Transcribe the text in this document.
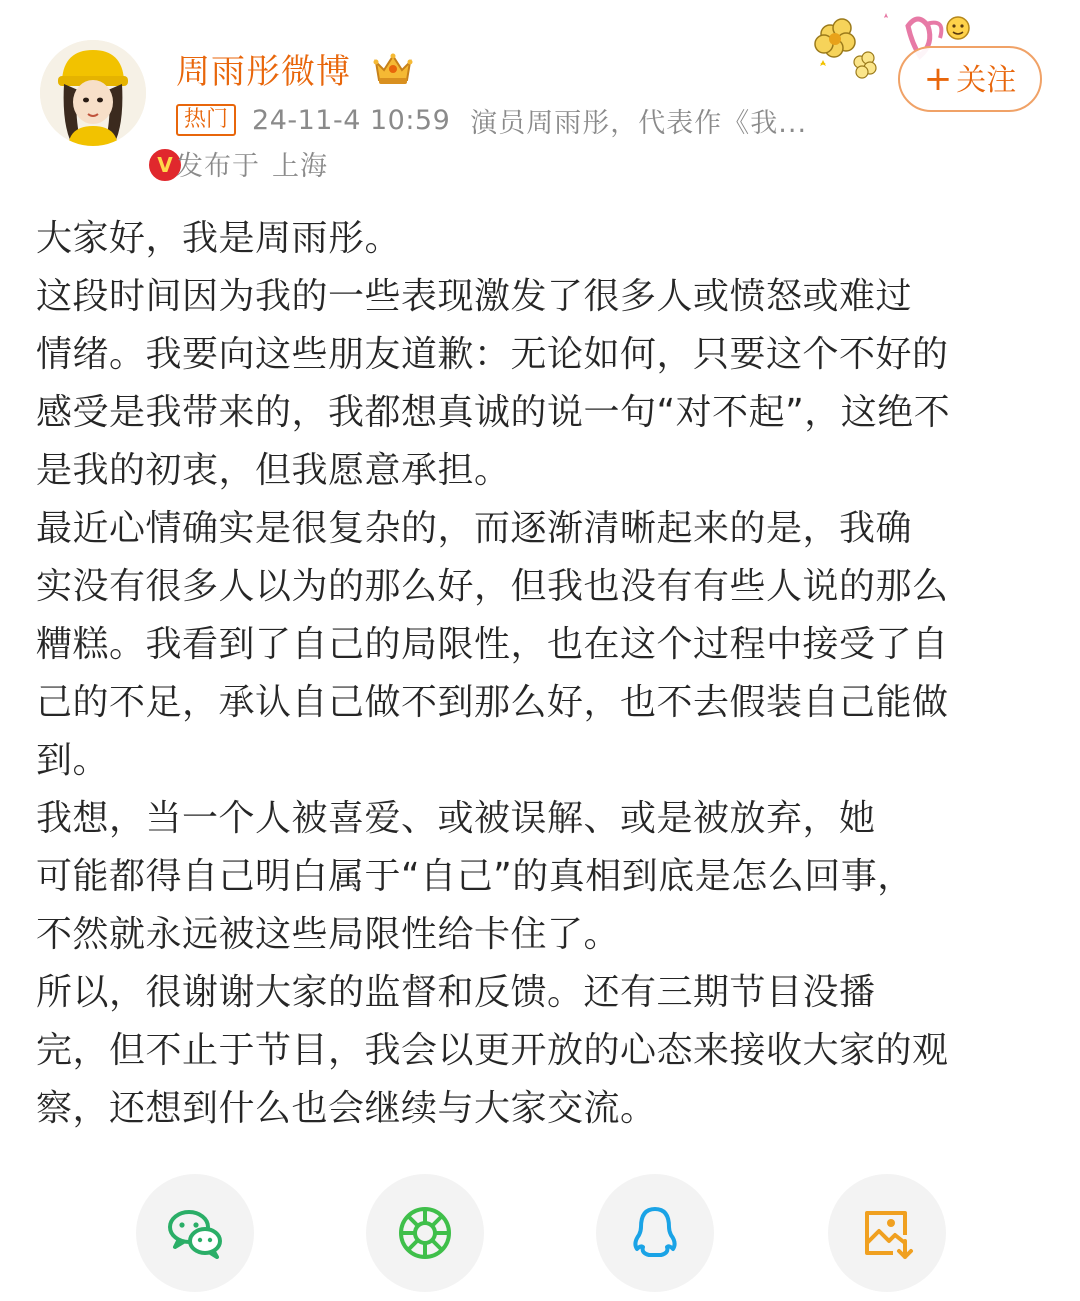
V
周雨彤微博
热门 24-11-4 10:59 演员周雨彤，代表作《我...
发布于 上海
+ 关注
大家好，我是周雨彤。
这段时间因为我的一些表现激发了很多人或愤怒或难过
情绪。我要向这些朋友道歉：无论如何，只要这个不好的
感受是我带来的，我都想真诚的说一句“对不起”，这绝不
是我的初衷，但我愿意承担。
最近心情确实是很复杂的，而逐渐清晰起来的是，我确
实没有很多人以为的那么好，但我也没有有些人说的那么
糟糕。我看到了自己的局限性，也在这个过程中接受了自
己的不足，承认自己做不到那么好，也不去假装自己能做
到。
我想，当一个人被喜爱、或被误解、或是被放弃，她
可能都得自己明白属于“自己”的真相到底是怎么回事，
不然就永远被这些局限性给卡住了。
所以，很谢谢大家的监督和反馈。还有三期节目没播
完，但不止于节目，我会以更开放的心态来接收大家的观
察，还想到什么也会继续与大家交流。
